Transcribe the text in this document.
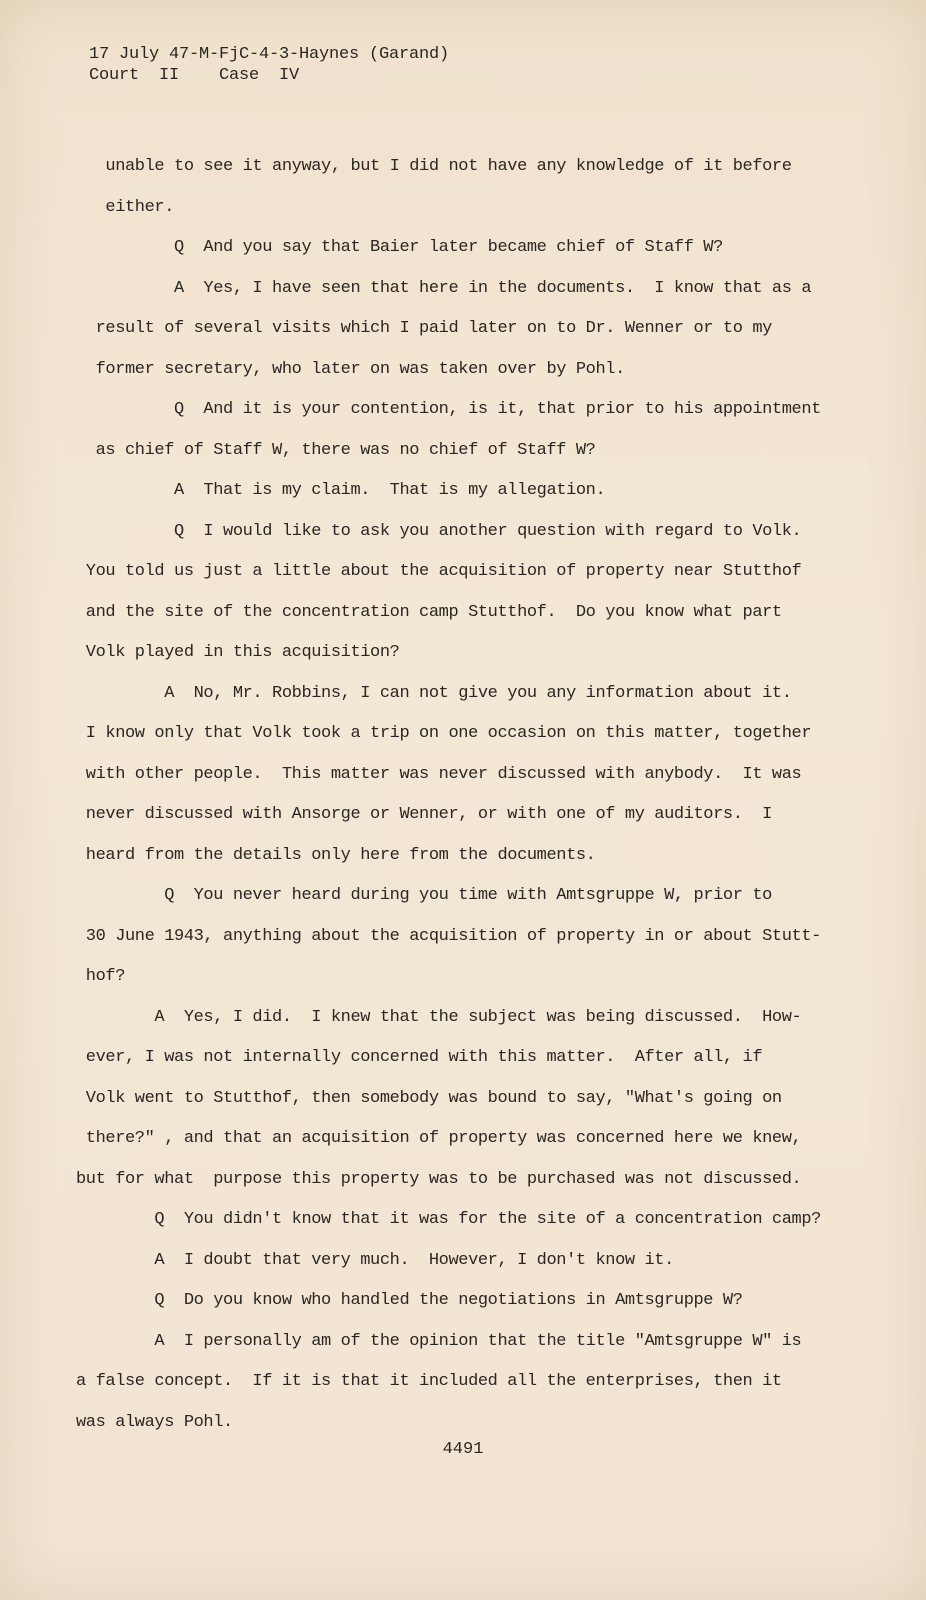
17 July 47-M-FjC-4-3-Haynes (Garand)
Court  II    Case  IV

unable to see it anyway, but I did not have any knowledge of it before

either.

Q  And you say that Baier later became chief of Staff W?

A  Yes, I have seen that here in the documents.  I know that as a

result of several visits which I paid later on to Dr. Wenner or to my

former secretary, who later on was taken over by Pohl.

Q  And it is your contention, is it, that prior to his appointment

as chief of Staff W, there was no chief of Staff W?

A  That is my claim.  That is my allegation.

Q  I would like to ask you another question with regard to Volk.

You told us just a little about the acquisition of property near Stutthof

and the site of the concentration camp Stutthof.  Do you know what part

Volk played in this acquisition?

A  No, Mr. Robbins, I can not give you any information about it.

I know only that Volk took a trip on one occasion on this matter, together

with other people.  This matter was never discussed with anybody.  It was

never discussed with Ansorge or Wenner, or with one of my auditors.  I

heard from the details only here from the documents.

Q  You never heard during you time with Amtsgruppe W, prior to

30 June 1943, anything about the acquisition of property in or about Stutt-

hof?

A  Yes, I did.  I knew that the subject was being discussed.  How-

ever, I was not internally concerned with this matter.  After all, if

Volk went to Stutthof, then somebody was bound to say, "What's going on

there?" , and that an acquisition of property was concerned here we knew,

but for what  purpose this property was to be purchased was not discussed.

Q  You didn't know that it was for the site of a concentration camp?

A  I doubt that very much.  However, I don't know it.

Q  Do you know who handled the negotiations in Amtsgruppe W?

A  I personally am of the opinion that the title "Amtsgruppe W" is

a false concept.  If it is that it included all the enterprises, then it

was always Pohl.

4491
